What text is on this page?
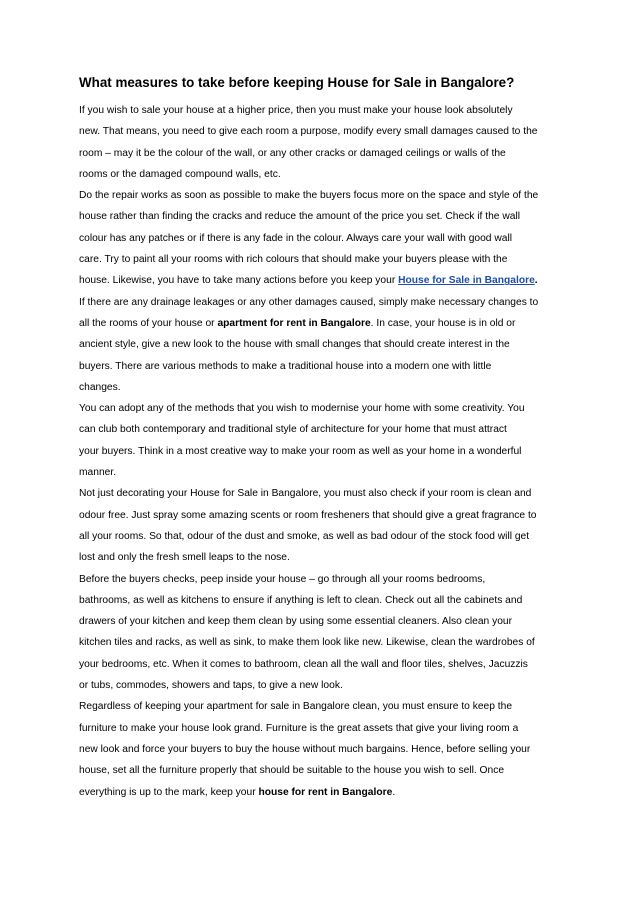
What measures to take before keeping House for Sale in Bangalore?
If you wish to sale your house at a higher price, then you must make your house look absolutely
new. That means, you need to give each room a purpose, modify every small damages caused to the
room – may it be the colour of the wall, or any other cracks or damaged ceilings or walls of the
rooms or the damaged compound walls, etc.
Do the repair works as soon as possible to make the buyers focus more on the space and style of the
house rather than finding the cracks and reduce the amount of the price you set. Check if the wall
colour has any patches or if there is any fade in the colour. Always care your wall with good wall
care. Try to paint all your rooms with rich colours that should make your buyers please with the
house. Likewise, you have to take many actions before you keep your House for Sale in Bangalore.
If there are any drainage leakages or any other damages caused, simply make necessary changes to
all the rooms of your house or apartment for rent in Bangalore. In case, your house is in old or
ancient style, give a new look to the house with small changes that should create interest in the
buyers. There are various methods to make a traditional house into a modern one with little
changes.
You can adopt any of the methods that you wish to modernise your home with some creativity. You
can club both contemporary and traditional style of architecture for your home that must attract
your buyers. Think in a most creative way to make your room as well as your home in a wonderful
manner.
Not just decorating your House for Sale in Bangalore, you must also check if your room is clean and
odour free. Just spray some amazing scents or room fresheners that should give a great fragrance to
all your rooms. So that, odour of the dust and smoke, as well as bad odour of the stock food will get
lost and only the fresh smell leaps to the nose.
Before the buyers checks, peep inside your house – go through all your rooms bedrooms,
bathrooms, as well as kitchens to ensure if anything is left to clean. Check out all the cabinets and
drawers of your kitchen and keep them clean by using some essential cleaners. Also clean your
kitchen tiles and racks, as well as sink, to make them look like new. Likewise, clean the wardrobes of
your bedrooms, etc. When it comes to bathroom, clean all the wall and floor tiles, shelves, Jacuzzis
or tubs, commodes, showers and taps, to give a new look.
Regardless of keeping your apartment for sale in Bangalore clean, you must ensure to keep the
furniture to make your house look grand. Furniture is the great assets that give your living room a
new look and force your buyers to buy the house without much bargains. Hence, before selling your
house, set all the furniture properly that should be suitable to the house you wish to sell. Once
everything is up to the mark, keep your house for rent in Bangalore.
